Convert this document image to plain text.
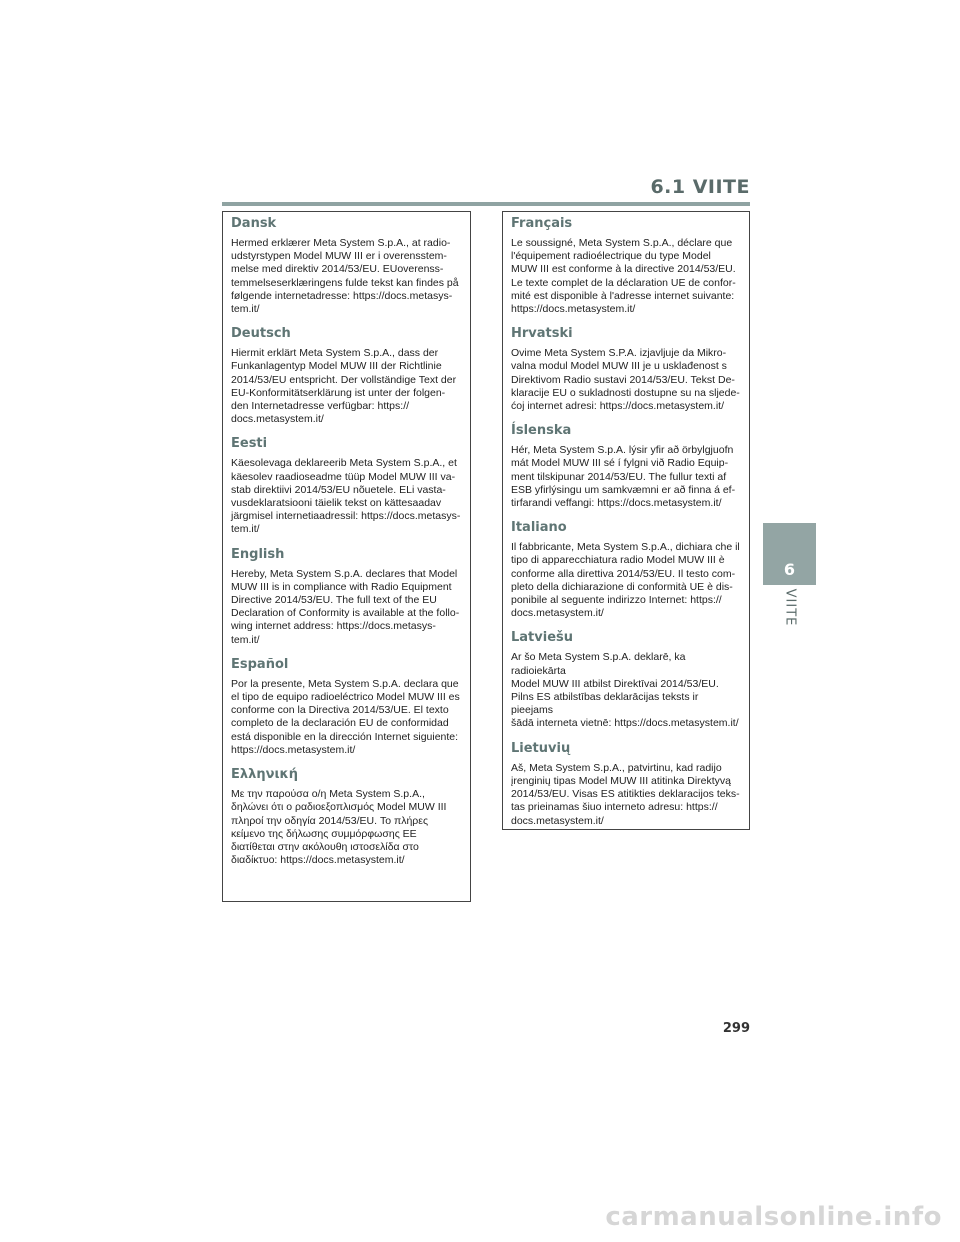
6.1 VIITE
Dansk

Hermed erklærer Meta System S.p.A., at radio-
udstyrstypen Model MUW III er i overensstem-
melse med direktiv 2014/53/EU. EUoverenss-
temmelseserklæringens fulde tekst kan findes på
følgende internetadresse: https://docs.metasys-
tem.it/

Deutsch

Hiermit erklärt Meta System S.p.A., dass der
Funkanlagentyp Model MUW III der Richtlinie
2014/53/EU entspricht. Der vollständige Text der
EU-Konformitätserklärung ist unter der folgen-
den Internetadresse verfügbar: https://
docs.metasystem.it/

Eesti

Käesolevaga deklareerib Meta System S.p.A., et
käesolev raadioseadme tüüp Model MUW III va-
stab direktiivi 2014/53/EU nõuetele. ELi vasta-
vusdeklaratsiooni täielik tekst on kättesaadav
järgmisel internetiaadressil: https://docs.metasys-
tem.it/

English

Hereby, Meta System S.p.A. declares that Model
MUW III is in compliance with Radio Equipment
Directive 2014/53/EU. The full text of the EU
Declaration of Conformity is available at the follo-
wing internet address: https://docs.metasys-
tem.it/

Español

Por la presente, Meta System S.p.A. declara que
el tipo de equipo radioeléctrico Model MUW III es
conforme con la Directiva 2014/53/UE. El texto
completo de la declaración EU de conformidad
está disponible en la dirección Internet siguiente:
https://docs.metasystem.it/

Ελληνική

Με την παρούσα ο/η Meta System S.p.A.,
δηλώνει ότι ο ραδιοεξοπλισμός Model MUW III
πληροί την οδηγία 2014/53/EU. Το πλήρες
κείμενο της δήλωσης συμμόρφωσης ΕΕ
διατίθεται στην ακόλουθη ιστοσελίδα στο
διαδίκτυο: https://docs.metasystem.it/

Français

Le soussigné, Meta System S.p.A., déclare que
l'équipement radioélectrique du type Model
MUW III est conforme à la directive 2014/53/EU.
Le texte complet de la déclaration UE de confor-
mité est disponible à l'adresse internet suivante:
https://docs.metasystem.it/

Hrvatski

Ovime Meta System S.P.A. izjavljuje da Mikro-
valna modul Model MUW III je u usklađenost s
Direktivom Radio sustavi 2014/53/EU. Tekst De-
klaracije EU o sukladnosti dostupne su na sljede-
ćoj internet adresi: https://docs.metasystem.it/

Íslenska

Hér, Meta System S.p.A. lýsir yfir að örbylgjuofn
mát Model MUW III sé í fylgni við Radio Equip-
ment tilskipunar 2014/53/EU. The fullur texti af
ESB yfirlýsingu um samkvæmni er að finna á ef-
tirfarandi veffangi: https://docs.metasystem.it/

Italiano

Il fabbricante, Meta System S.p.A., dichiara che il
tipo di apparecchiatura radio Model MUW III è
conforme alla direttiva 2014/53/EU. Il testo com-
pleto della dichiarazione di conformità UE è dis-
ponibile al seguente indirizzo Internet: https://
docs.metasystem.it/

Latviešu

Ar šo Meta System S.p.A. deklarē, ka radioiekārta
Model MUW III atbilst Direktīvai 2014/53/EU.
Pilns ES atbilstības deklarācijas teksts ir pieejams
šādā interneta vietnē: https://docs.metasystem.it/

Lietuvių

Aš, Meta System S.p.A., patvirtinu, kad radijo
įrenginių tipas Model MUW III atitinka Direktyvą
2014/53/EU. Visas ES atitikties deklaracijos teks-
tas prieinamas šiuo interneto adresu: https://
docs.metasystem.it/

6
VIITE
299
carmanualsonline.info
